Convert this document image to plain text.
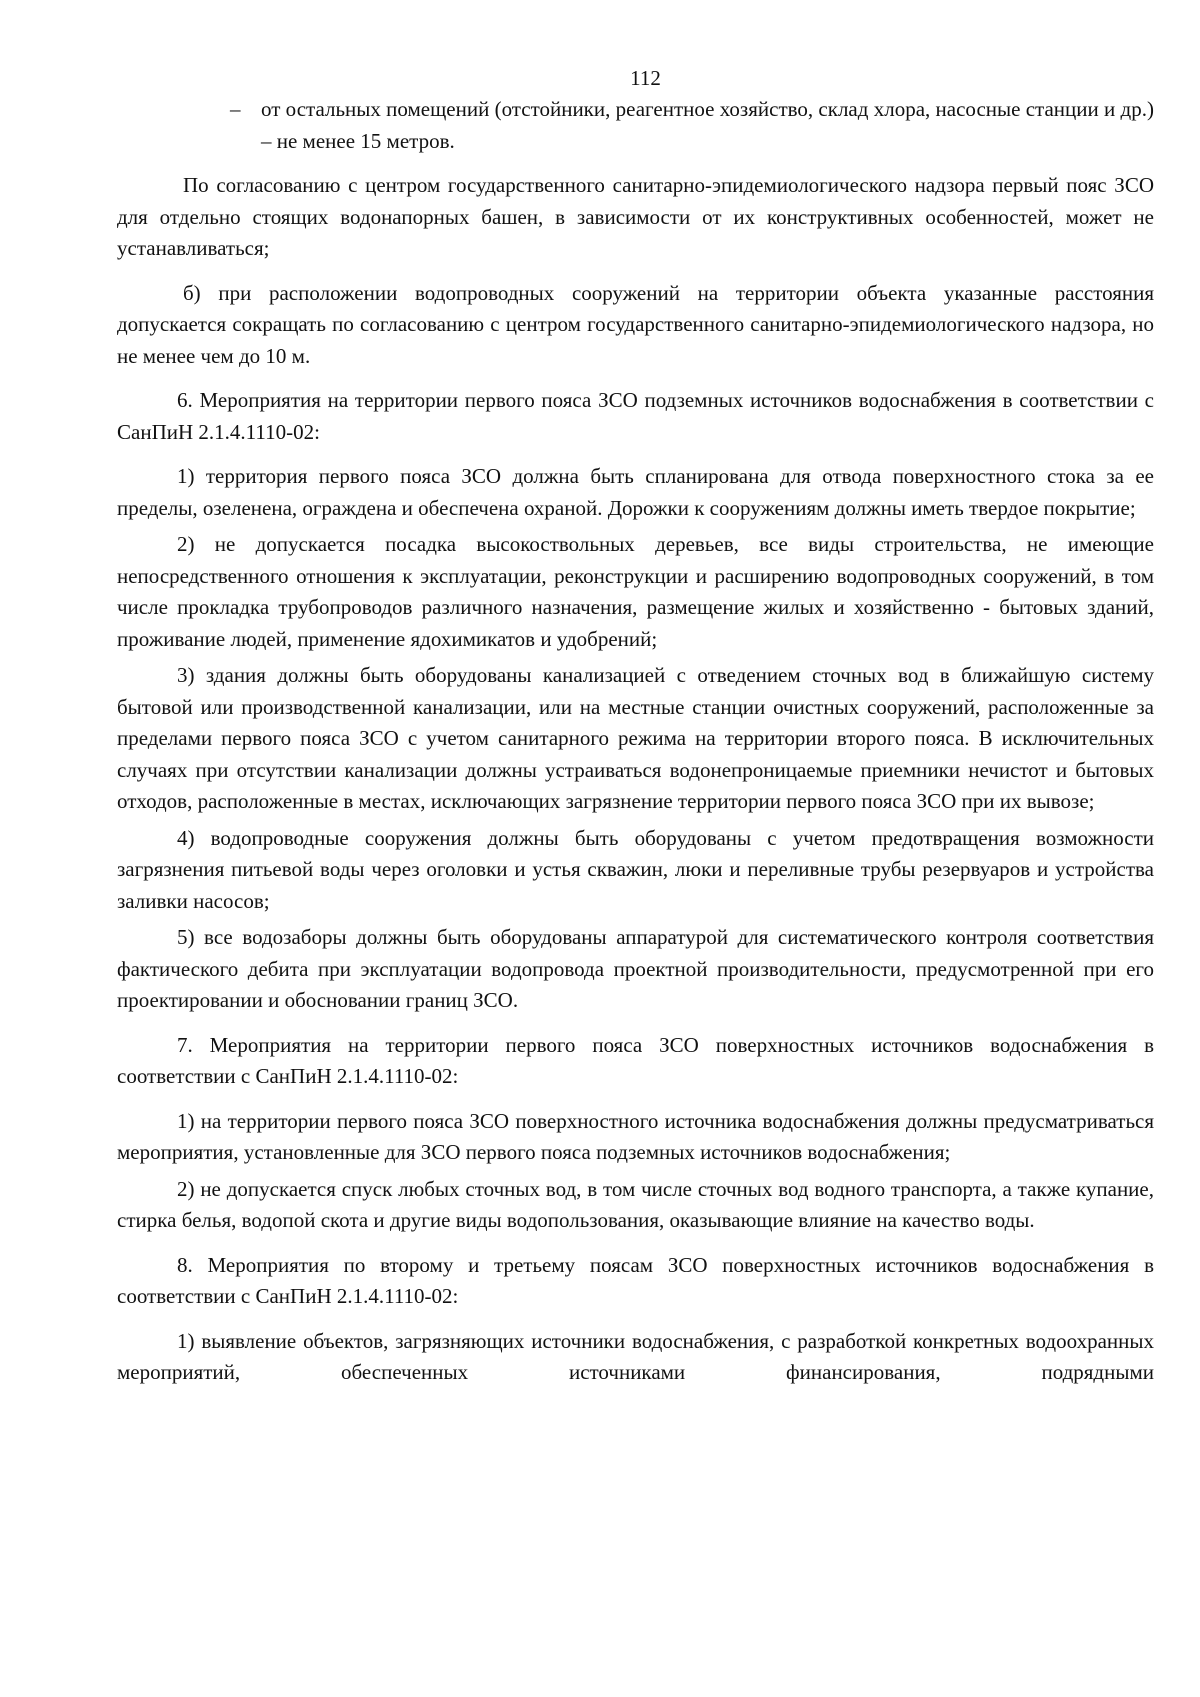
112
– от остальных помещений (отстойники, реагентное хозяйство, склад хлора, насосные станции и др.) – не менее 15 метров.

По согласованию с центром государственного санитарно-эпидемиологического надзора первый пояс ЗСО для отдельно стоящих водонапорных башен, в зависимости от их конструктивных особенностей, может не устанавливаться;

б) при расположении водопроводных сооружений на территории объекта указанные расстояния допускается сокращать по согласованию с центром государственного санитарно-эпидемиологического надзора, но не менее чем до 10 м.

6. Мероприятия на территории первого пояса ЗСО подземных источников водоснабжения в соответствии с СанПиН 2.1.4.1110-02:

1) территория первого пояса ЗСО должна быть спланирована для отвода поверхностного стока за ее пределы, озеленена, ограждена и обеспечена охраной. Дорожки к сооружениям должны иметь твердое покрытие;

2) не допускается посадка высокоствольных деревьев, все виды строительства, не имеющие непосредственного отношения к эксплуатации, реконструкции и расширению водопроводных сооружений, в том числе прокладка трубопроводов различного назначения, размещение жилых и хозяйственно - бытовых зданий, проживание людей, применение ядохимикатов и удобрений;

3) здания должны быть оборудованы канализацией с отведением сточных вод в ближайшую систему бытовой или производственной канализации, или на местные станции очистных сооружений, расположенные за пределами первого пояса ЗСО с учетом санитарного режима на территории второго пояса. В исключительных случаях при отсутствии канализации должны устраиваться водонепроницаемые приемники нечистот и бытовых отходов, расположенные в местах, исключающих загрязнение территории первого пояса ЗСО при их вывозе;

4) водопроводные сооружения должны быть оборудованы с учетом предотвращения возможности загрязнения питьевой воды через оголовки и устья скважин, люки и переливные трубы резервуаров и устройства заливки насосов;

5) все водозаборы должны быть оборудованы аппаратурой для систематического контроля соответствия фактического дебита при эксплуатации водопровода проектной производительности, предусмотренной при его проектировании и обосновании границ ЗСО.

7. Мероприятия на территории первого пояса ЗСО поверхностных источников водоснабжения в соответствии с СанПиН 2.1.4.1110-02:

1) на территории первого пояса ЗСО поверхностного источника водоснабжения должны предусматриваться мероприятия, установленные для ЗСО первого пояса подземных источников водоснабжения;

2) не допускается спуск любых сточных вод, в том числе сточных вод водного транспорта, а также купание, стирка белья, водопой скота и другие виды водопользования, оказывающие влияние на качество воды.

8. Мероприятия по второму и третьему поясам ЗСО поверхностных источников водоснабжения в соответствии с СанПиН 2.1.4.1110-02:

1) выявление объектов, загрязняющих источники водоснабжения, с разработкой конкретных водоохранных мероприятий, обеспеченных источниками финансирования, подрядными
